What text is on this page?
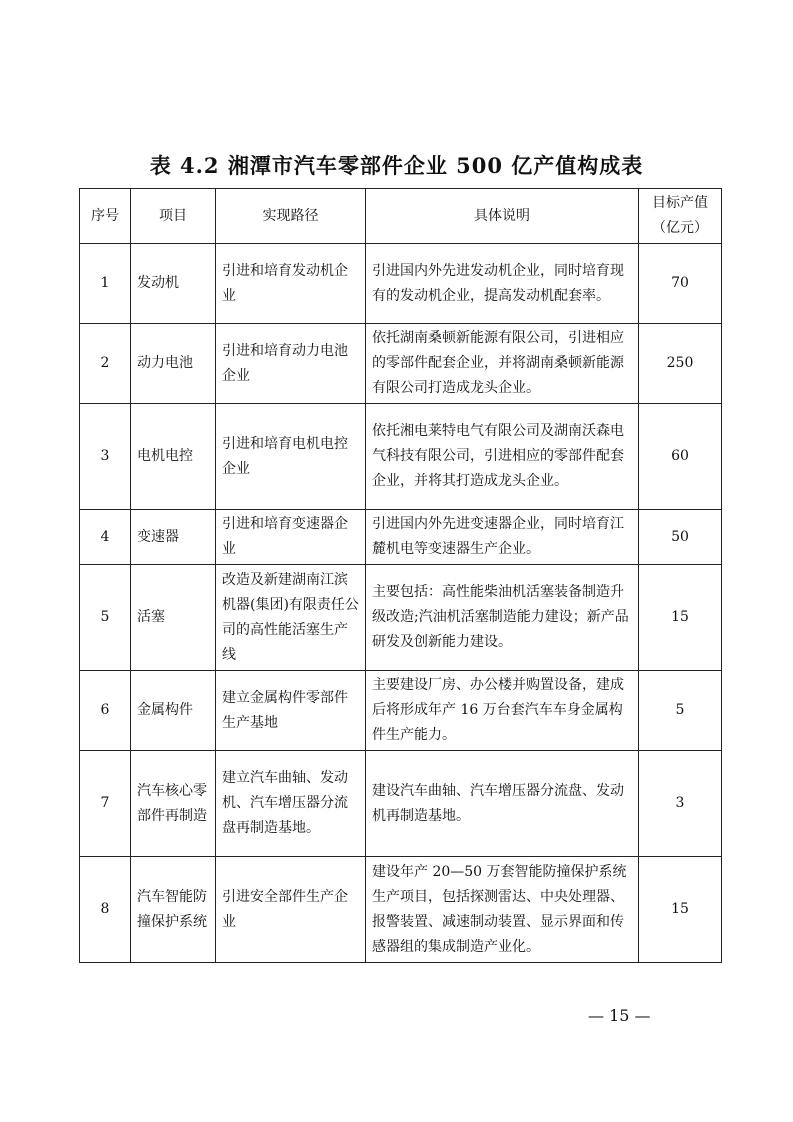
表 4.2 湘潭市汽车零部件企业 500 亿产值构成表
序号	项目	实现路径	具体说明	目标产值（亿元）
1	发动机	引进和培育发动机企业	引进国内外先进发动机企业，同时培育现有的发动机企业，提高发动机配套率。	70
2	动力电池	引进和培育动力电池企业	依托湖南桑顿新能源有限公司，引进相应的零部件配套企业，并将湖南桑顿新能源有限公司打造成龙头企业。	250
3	电机电控	引进和培育电机电控企业	依托湘电莱特电气有限公司及湖南沃森电气科技有限公司，引进相应的零部件配套企业，并将其打造成龙头企业。	60
4	变速器	引进和培育变速器企业	引进国内外先进变速器企业，同时培育江麓机电等变速器生产企业。	50
5	活塞	改造及新建湖南江滨机器(集团)有限责任公司的高性能活塞生产线	主要包括：高性能柴油机活塞装备制造升级改造;汽油机活塞制造能力建设；新产品研发及创新能力建设。	15
6	金属构件	建立金属构件零部件生产基地	主要建设厂房、办公楼并购置设备，建成后将形成年产 16 万台套汽车车身金属构件生产能力。	5
7	汽车核心零部件再制造	建立汽车曲轴、发动机、汽车增压器分流盘再制造基地。	建设汽车曲轴、汽车增压器分流盘、发动机再制造基地。	3
8	汽车智能防撞保护系统	引进安全部件生产企业	建设年产 20—50 万套智能防撞保护系统生产项目，包括探测雷达、中央处理器、报警装置、减速制动装置、显示界面和传感器组的集成制造产业化。	15
— 15 —
